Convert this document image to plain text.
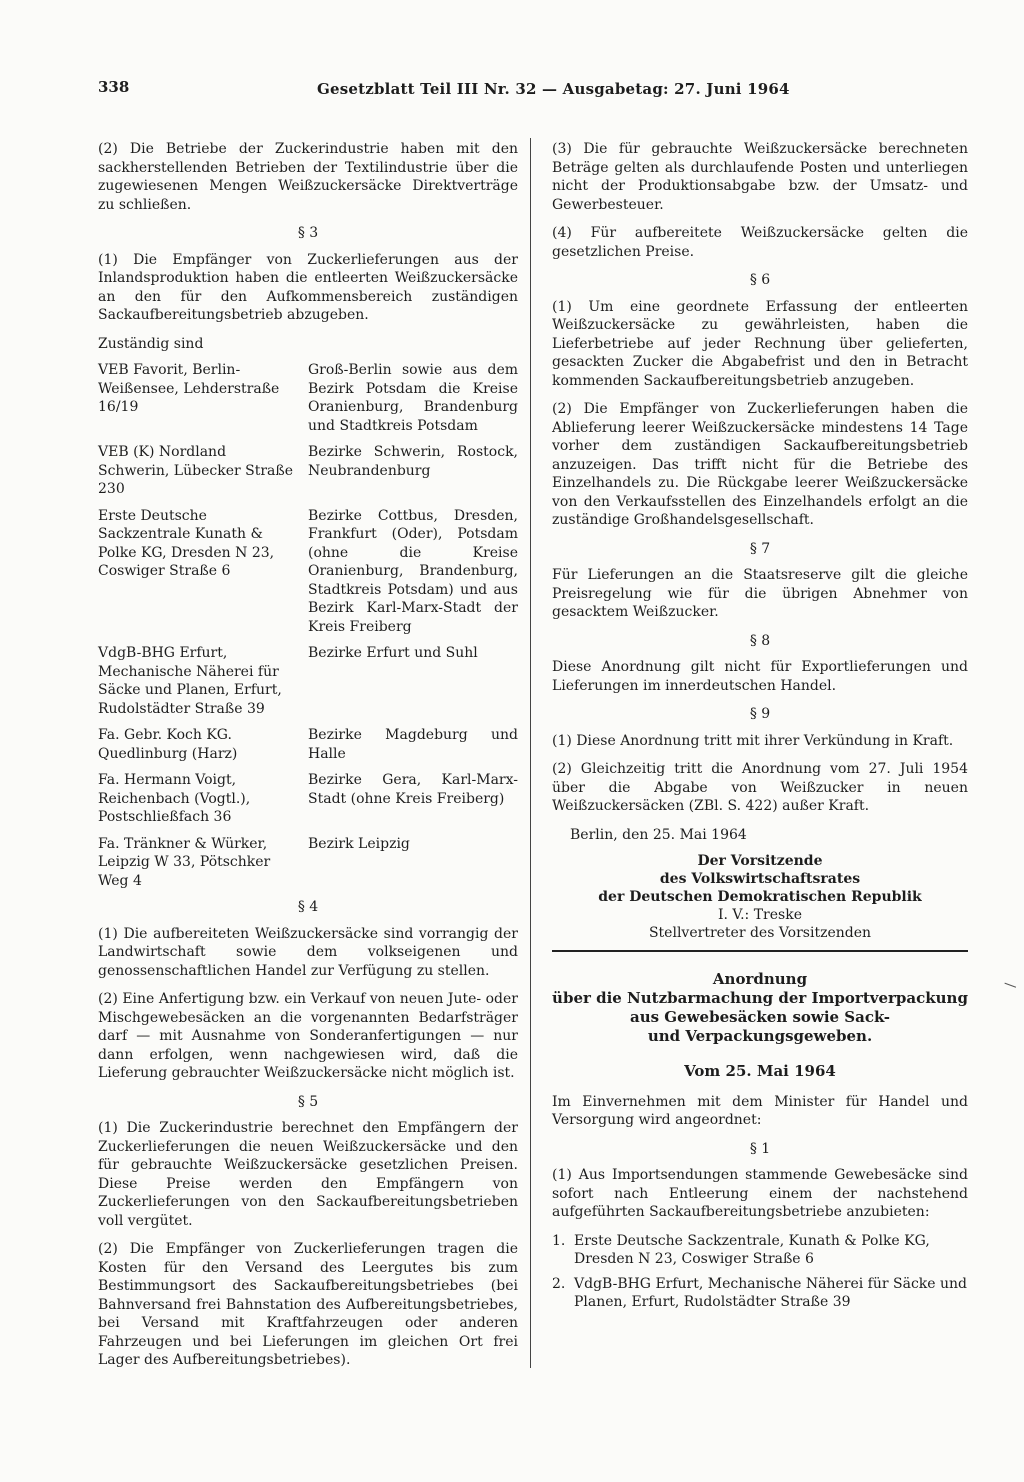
338	Gesetzblatt Teil III Nr. 32 — Ausgabetag: 27. Juni 1964

(2) Die Betriebe der Zuckerindustrie haben mit den sackherstellenden Betrieben der Textilindustrie über die zugewiesenen Mengen Weißzuckersäcke Direktverträge zu schließen.

§ 3

(1) Die Empfänger von Zuckerlieferungen aus der Inlandsproduktion haben die entleerten Weißzuckersäcke an den für den Aufkommensbereich zuständigen Sackaufbereitungsbetrieb abzugeben.

Zuständig sind
VEB Favorit, Berlin-Weißensee, Lehderstraße 16/19
Groß-Berlin sowie aus dem Bezirk Potsdam die Kreise Oranienburg, Brandenburg und Stadtkreis Potsdam
VEB (K) Nordland Schwerin, Lübecker Straße 230
Bezirke Schwerin, Rostock, Neubrandenburg
Erste Deutsche Sackzentrale Kunath & Polke KG, Dresden N 23, Coswiger Straße 6
Bezirke Cottbus, Dresden, Frankfurt (Oder), Potsdam (ohne die Kreise Oranienburg, Brandenburg, Stadtkreis Potsdam) und aus Bezirk Karl-Marx-Stadt der Kreis Freiberg
VdgB-BHG Erfurt, Mechanische Näherei für Säcke und Planen, Erfurt, Rudolstädter Straße 39
Bezirke Erfurt und Suhl
Fa. Gebr. Koch KG. Quedlinburg (Harz)
Bezirke Magdeburg und Halle
Fa. Hermann Voigt, Reichenbach (Vogtl.), Postschließfach 36
Bezirke Gera, Karl-Marx-Stadt (ohne Kreis Freiberg)
Fa. Tränkner & Würker, Leipzig W 33, Pötschker Weg 4
Bezirk Leipzig
§ 4

(1) Die aufbereiteten Weißzuckersäcke sind vorrangig der Landwirtschaft sowie dem volkseigenen und genossenschaftlichen Handel zur Verfügung zu stellen.

(2) Eine Anfertigung bzw. ein Verkauf von neuen Jute- oder Mischgewebesäcken an die vorgenannten Bedarfsträger darf — mit Ausnahme von Sonderanfertigungen — nur dann erfolgen, wenn nachgewiesen wird, daß die Lieferung gebrauchter Weißzuckersäcke nicht möglich ist.

§ 5

(1) Die Zuckerindustrie berechnet den Empfängern der Zuckerlieferungen die neuen Weißzuckersäcke und den für gebrauchte Weißzuckersäcke gesetzlichen Preisen. Diese Preise werden den Empfängern von Zuckerlieferungen von den Sackaufbereitungsbetrieben voll vergütet.

(2) Die Empfänger von Zuckerlieferungen tragen die Kosten für den Versand des Leergutes bis zum Bestimmungsort des Sackaufbereitungsbetriebes (bei Bahnversand frei Bahnstation des Aufbereitungsbetriebes, bei Versand mit Kraftfahrzeugen oder anderen Fahrzeugen und bei Lieferungen im gleichen Ort frei Lager des Aufbereitungsbetriebes).

(3) Die für gebrauchte Weißzuckersäcke berechneten Beträge gelten als durchlaufende Posten und unterliegen nicht der Produktionsabgabe bzw. der Umsatz- und Gewerbesteuer.

(4) Für aufbereitete Weißzuckersäcke gelten die gesetzlichen Preise.

§ 6

(1) Um eine geordnete Erfassung der entleerten Weißzuckersäcke zu gewährleisten, haben die Lieferbetriebe auf jeder Rechnung über gelieferten, gesackten Zucker die Abgabefrist und den in Betracht kommenden Sackaufbereitungsbetrieb anzugeben.

(2) Die Empfänger von Zuckerlieferungen haben die Ablieferung leerer Weißzuckersäcke mindestens 14 Tage vorher dem zuständigen Sackaufbereitungsbetrieb anzuzeigen. Das trifft nicht für die Betriebe des Einzelhandels zu. Die Rückgabe leerer Weißzuckersäcke von den Verkaufsstellen des Einzelhandels erfolgt an die zuständige Großhandelsgesellschaft.

§ 7

Für Lieferungen an die Staatsreserve gilt die gleiche Preisregelung wie für die übrigen Abnehmer von gesacktem Weißzucker.

§ 8

Diese Anordnung gilt nicht für Exportlieferungen und Lieferungen im innerdeutschen Handel.

§ 9

(1) Diese Anordnung tritt mit ihrer Verkündung in Kraft.

(2) Gleichzeitig tritt die Anordnung vom 27. Juli 1954 über die Abgabe von Weißzucker in neuen Weißzuckersäcken (ZBl. S. 422) außer Kraft.

Berlin, den 25. Mai 1964
Der Vorsitzende
des Volkswirtschaftsrates
der Deutschen Demokratischen Republik
I. V.: Treske
Stellvertreter des Vorsitzenden
Anordnung
über die Nutzbarmachung der Importverpackung
aus Gewebesäcken sowie Sack-
und Verpackungsgeweben.
Vom 25. Mai 1964

Im Einvernehmen mit dem Minister für Handel und Versorgung wird angeordnet:

§ 1

(1) Aus Importsendungen stammende Gewebesäcke sind sofort nach Entleerung einem der nachstehend aufgeführten Sackaufbereitungsbetriebe anzubieten:

1. Erste Deutsche Sackzentrale, Kunath & Polke KG, Dresden N 23, Coswiger Straße 6
2. VdgB-BHG Erfurt, Mechanische Näherei für Säcke und Planen, Erfurt, Rudolstädter Straße 39
